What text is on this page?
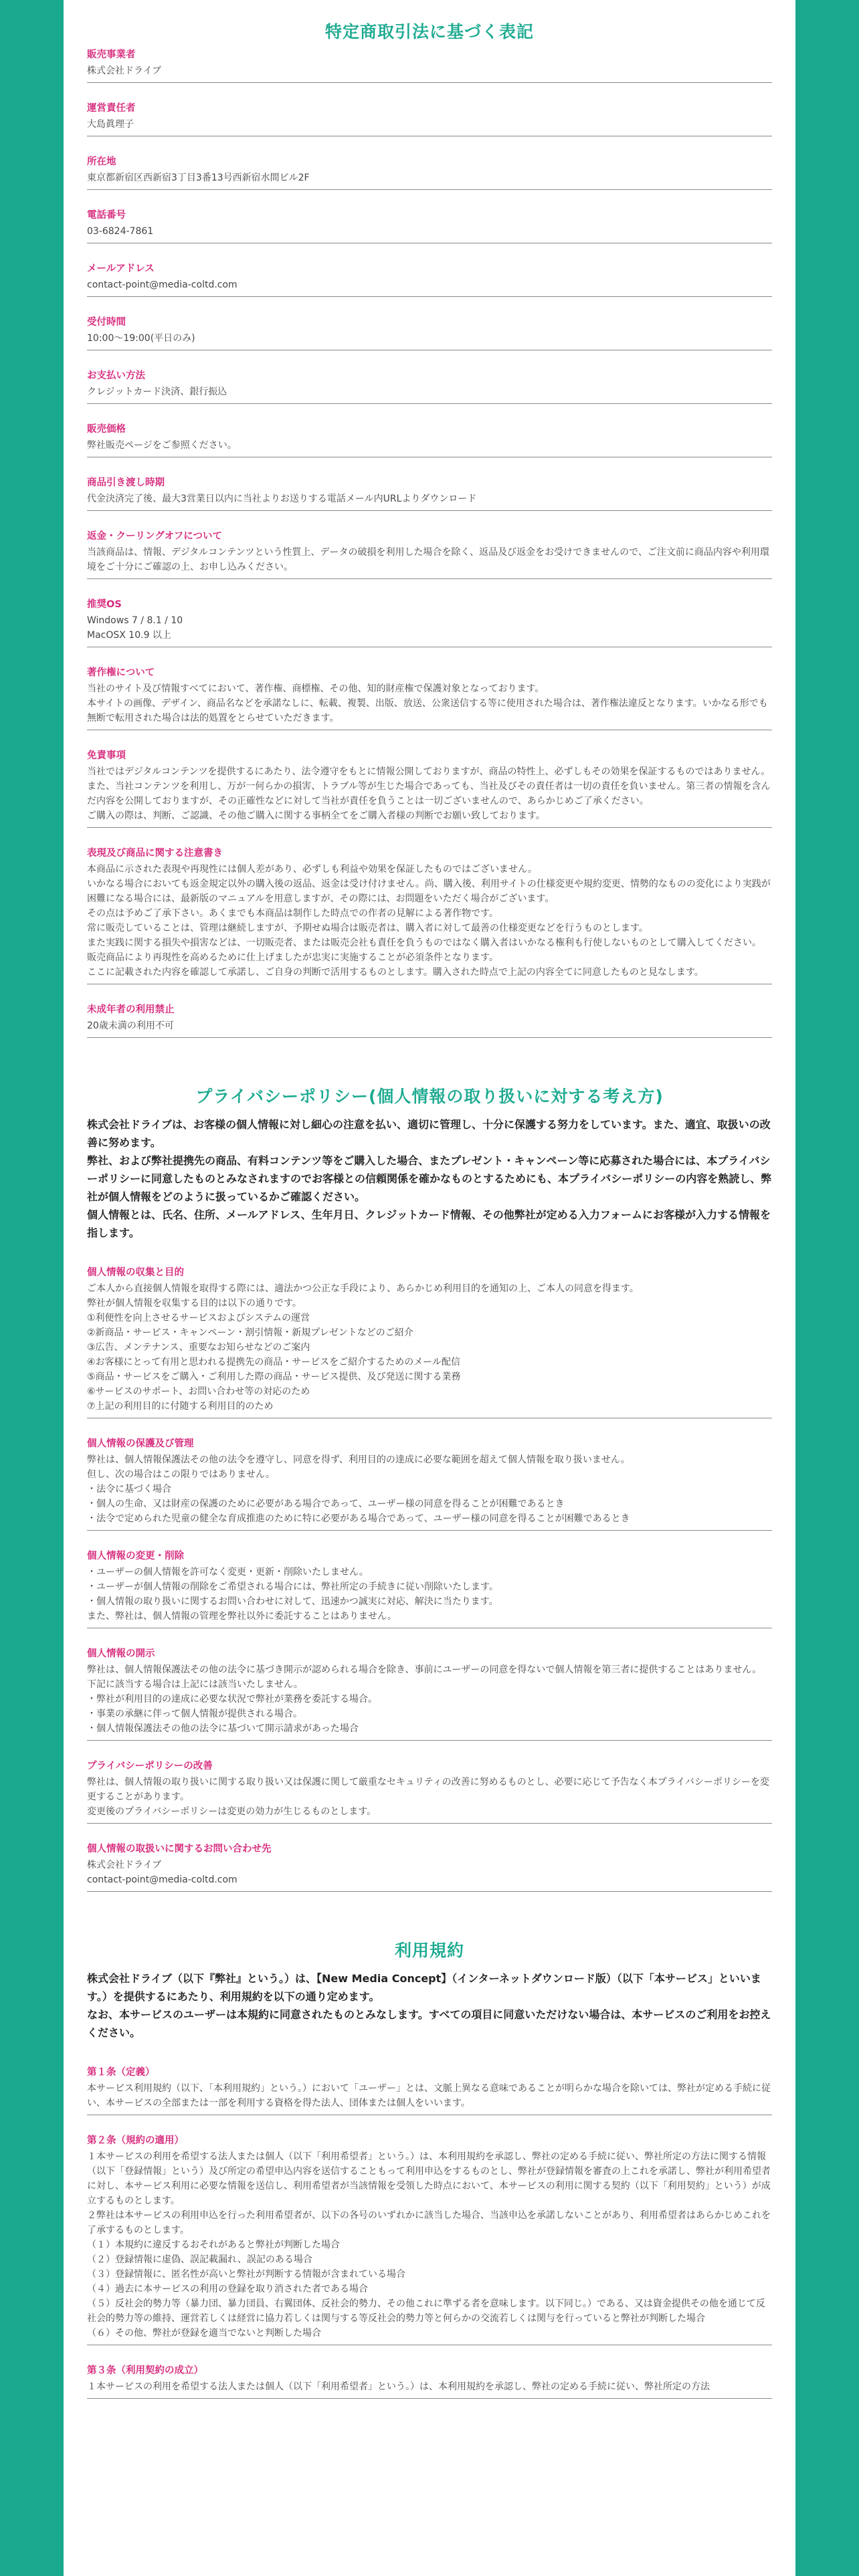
特定商取引法に基づく表記
販売事業者
株式会社ドライブ
運営責任者
大島眞理子
所在地
東京都新宿区西新宿3丁目3番13号西新宿水間ビル2F
電話番号
03-6824-7861
メールアドレス
contact-point@media-coltd.com
受付時間
10:00〜19:00(平日のみ)
お支払い方法
クレジットカード決済、銀行振込
販売価格
弊社販売ページをご参照ください。
商品引き渡し時期
代金決済完了後、最大3営業日以内に当社よりお送りする電話メール内URLよりダウンロード
返金・クーリングオフについて
当該商品は、情報、デジタルコンテンツという性質上、データの破損を利用した場合を除く、返品及び返金をお受けできませんので、ご注文前に商品内容や利用環境をご十分にご確認の上、お申し込みください。
推奨OS
Windows 7 / 8.1 / 10
MacOSX 10.9 以上
著作権について
当社のサイト及び情報すべてにおいて、著作権、商標権、その他、知的財産権で保護対象となっております。
本サイトの画像、デザイン、商品名などを承諾なしに、転載、複製、出版、放送、公衆送信する等に使用された場合は、著作権法違反となります。いかなる形でも無断で転用された場合は法的処置をとらせていただきます。
免責事項
当社ではデジタルコンテンツを提供するにあたり、法令遵守をもとに情報公開しておりますが、商品の特性上、必ずしもその効果を保証するものではありません。
また、当社コンテンツを利用し、万が一何らかの損害、トラブル等が生じた場合であっても、当社及びその責任者は一切の責任を負いません。第三者の情報を含んだ内容を公開しておりますが、その正確性などに対して当社が責任を負うことは一切ございませんので、あらかじめご了承ください。
ご購入の際は、判断、ご認識、その他ご購入に関する事柄全てをご購入者様の判断でお願い致しております。
表現及び商品に関する注意書き
本商品に示された表現や再現性には個人差があり、必ずしも利益や効果を保証したものではございません。
いかなる場合においても返金規定以外の購入後の返品、返金は受け付けません。尚、購入後、利用サイトの仕様変更や規約変更、情勢的なものの変化により実践が困難になる場合には、最新版のマニュアルを用意しますが、その際には、お問題をいただく場合がございます。
その点は予めご了承下さい。あくまでも本商品は制作した時点での作者の見解による著作物です。
常に販売していることは、管理は継続しますが、予期せぬ場合は販売者は、購入者に対して最善の仕様変更などを行うものとします。
また実践に関する損失や損害などは、一切販売者、または販売会社も責任を負うものではなく購入者はいかなる権利も行使しないものとして購入してください。
販売商品により再現性を高めるために仕上げましたが忠実に実施することが必須条件となります。
ここに記載された内容を確認して承諾し、ご自身の判断で活用するものとします。購入された時点で上記の内容全てに同意したものと見なします。
未成年者の利用禁止
20歳未満の利用不可
プライバシーポリシー(個人情報の取り扱いに対する考え方)
株式会社ドライブは、お客様の個人情報に対し細心の注意を払い、適切に管理し、十分に保護する努力をしています。また、適宜、取扱いの改善に努めます。
弊社、および弊社提携先の商品、有料コンテンツ等をご購入した場合、またプレゼント・キャンペーン等に応募された場合には、本プライバシーポリシーに同意したものとみなされますのでお客様との信頼関係を確かなものとするためにも、本プライバシーポリシーの内容を熟読し、弊社が個人情報をどのように扱っているかご確認ください。
個人情報とは、氏名、住所、メールアドレス、生年月日、クレジットカード情報、その他弊社が定める入力フォームにお客様が入力する情報を指します。
個人情報の収集と目的
ご本人から直接個人情報を取得する際には、適法かつ公正な手段により、あらかじめ利用目的を通知の上、ご本人の同意を得ます。
弊社が個人情報を収集する目的は以下の通りです。
①利便性を向上させるサービスおよびシステムの運営
②新商品・サービス・キャンペーン・割引情報・新規プレゼントなどのご紹介
③広告、メンテナンス、重要なお知らせなどのご案内
④お客様にとって有用と思われる提携先の商品・サービスをご紹介するためのメール配信
⑤商品・サービスをご購入・ご利用した際の商品・サービス提供、及び発送に関する業務
⑥サービスのサポート、お問い合わせ等の対応のため
⑦上記の利用目的に付随する利用目的のため
個人情報の保護及び管理
弊社は、個人情報保護法その他の法令を遵守し、同意を得ず、利用目的の達成に必要な範囲を超えて個人情報を取り扱いません。
但し、次の場合はこの限りではありません。
・法令に基づく場合
・個人の生命、又は財産の保護のために必要がある場合であって、ユーザー様の同意を得ることが困難であるとき
・法令で定められた児童の健全な育成推進のために特に必要がある場合であって、ユーザー様の同意を得ることが困難であるとき
個人情報の変更・削除
・ユーザーの個人情報を許可なく変更・更新・削除いたしません。
・ユーザーが個人情報の削除をご希望される場合には、弊社所定の手続きに従い削除いたします。
・個人情報の取り扱いに関するお問い合わせに対して、迅速かつ誠実に対応、解決に当たります。
また、弊社は、個人情報の管理を弊社以外に委託することはありません。
個人情報の開示
弊社は、個人情報保護法その他の法令に基づき開示が認められる場合を除き、事前にユーザーの同意を得ないで個人情報を第三者に提供することはありません。
下記に該当する場合は上記には該当いたしません。
・弊社が利用目的の達成に必要な状況で弊社が業務を委託する場合。
・事業の承継に伴って個人情報が提供される場合。
・個人情報保護法その他の法令に基づいて開示請求があった場合
プライバシーポリシーの改善
弊社は、個人情報の取り扱いに関する取り扱い又は保護に関して厳重なセキュリティの改善に努めるものとし、必要に応じて予告なく本プライバシーポリシーを変更することがあります。
変更後のプライバシーポリシーは変更の効力が生じるものとします。
個人情報の取扱いに関するお問い合わせ先
株式会社ドライブ
contact-point@media-coltd.com
利用規約
株式会社ドライブ（以下『弊社』という。）は、【New Media Concept】（インターネットダウンロード版）（以下「本サービス」といいます。）を提供するにあたり、利用規約を以下の通り定めます。
なお、本サービスのユーザーは本規約に同意されたものとみなします。すべての項目に同意いただけない場合は、本サービスのご利用をお控えください。
第１条（定義）
本サービス利用規約（以下、「本利用規約」という。）において「ユーザー」とは、文脈上異なる意味であることが明らかな場合を除いては、弊社が定める手続に従い、本サービスの全部または一部を利用する資格を得た法人、団体または個人をいいます。
第２条（規約の適用）
１本サービスの利用を希望する法人または個人（以下「利用希望者」という。）は、本利用規約を承認し、弊社の定める手続に従い、弊社所定の方法に関する情報（以下「登録情報」という）及び所定の希望申込内容を送信することもって利用申込をするものとし、弊社が登録情報を審査の上これを承諾し、弊社が利用希望者に対し、本サービス利用に必要な情報を送信し、利用希望者が当該情報を受領した時点において、本サービスの利用に関する契約（以下「利用契約」という）が成立するものとします。
２弊社は本サービスの利用申込を行った利用希望者が、以下の各号のいずれかに該当した場合、当該申込を承諾しないことがあり、利用希望者はあらかじめこれを了承するものとします。
（１）本規約に違反するおそれがあると弊社が判断した場合
（２）登録情報に虚偽、誤記載漏れ、誤記のある場合
（３）登録情報に、匿名性が高いと弊社が判断する情報が含まれている場合
（４）過去に本サービスの利用の登録を取り消された者である場合
（５）反社会的勢力等（暴力団、暴力団員、右翼団体、反社会的勢力、その他これに準ずる者を意味します。以下同じ。）である、又は資金提供その他を通じて反社会的勢力等の維持、運営若しくは経営に協力若しくは関与する等反社会的勢力等と何らかの交流若しくは関与を行っていると弊社が判断した場合
（６）その他、弊社が登録を適当でないと判断した場合
第３条（利用契約の成立）
１本サービスの利用を希望する法人または個人（以下「利用希望者」という。）は、本利用規約を承認し、弊社の定める手続に従い、弊社所定の方法
